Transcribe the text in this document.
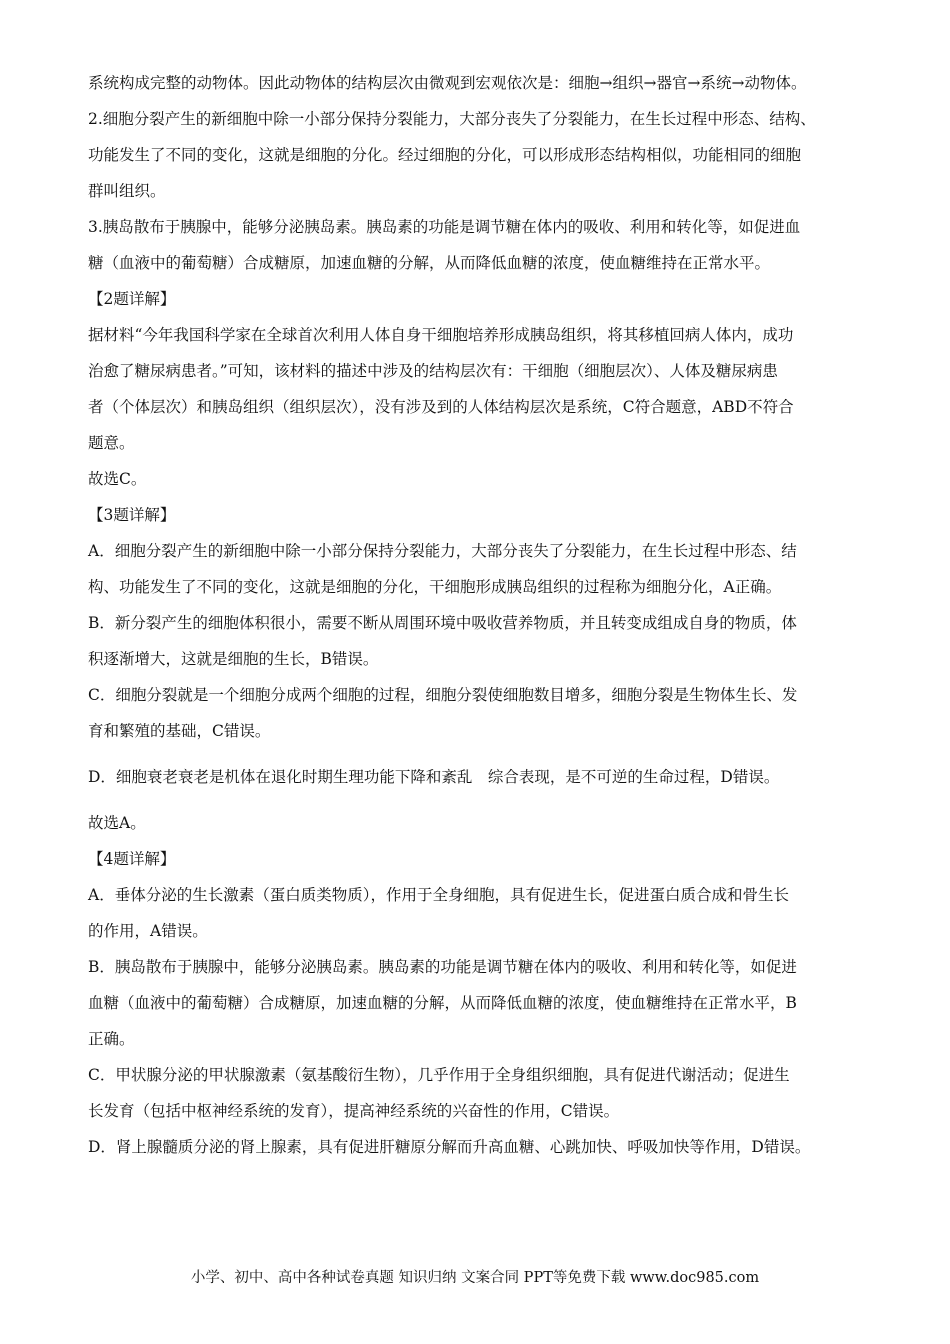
系统构成完整的动物体。因此动物体的结构层次由微观到宏观依次是：细胞→组织→器官→系统→动物体。

2.细胞分裂产生的新细胞中除一小部分保持分裂能力，大部分丧失了分裂能力，在生长过程中形态、结构、

功能发生了不同的变化，这就是细胞的分化。经过细胞的分化，可以形成形态结构相似，功能相同的细胞

群叫组织。

3.胰岛散布于胰腺中，能够分泌胰岛素。胰岛素的功能是调节糖在体内的吸收、利用和转化等，如促进血

糖（血液中的葡萄糖）合成糖原，加速血糖的分解，从而降低血糖的浓度，使血糖维持在正常水平。

【2题详解】

据材料“今年我国科学家在全球首次利用人体自身干细胞培养形成胰岛组织，将其移植回病人体内，成功

治愈了糖尿病患者。”可知，该材料的描述中涉及的结构层次有：干细胞（细胞层次）、人体及糖尿病患

者（个体层次）和胰岛组织（组织层次），没有涉及到的人体结构层次是系统，C符合题意，ABD不符合

题意。

故选C。

【3题详解】

A．细胞分裂产生的新细胞中除一小部分保持分裂能力，大部分丧失了分裂能力，在生长过程中形态、结

构、功能发生了不同的变化，这就是细胞的分化，干细胞形成胰岛组织的过程称为细胞分化，A正确。

B．新分裂产生的细胞体积很小，需要不断从周围环境中吸收营养物质，并且转变成组成自身的物质，体

积逐渐增大，这就是细胞的生长，B错误。

C．细胞分裂就是一个细胞分成两个细胞的过程，细胞分裂使细胞数目增多，细胞分裂是生物体生长、发

育和繁殖的基础，C错误。

D．细胞衰老衰老是机体在退化时期生理功能下降和紊乱　综合表现，是不可逆的生命过程，D错误。

故选A。

【4题详解】

A．垂体分泌的生长激素（蛋白质类物质），作用于全身细胞，具有促进生长，促进蛋白质合成和骨生长

的作用，A错误。

B．胰岛散布于胰腺中，能够分泌胰岛素。胰岛素的功能是调节糖在体内的吸收、利用和转化等，如促进

血糖（血液中的葡萄糖）合成糖原，加速血糖的分解，从而降低血糖的浓度，使血糖维持在正常水平，B

正确。

C．甲状腺分泌的甲状腺激素（氨基酸衍生物），几乎作用于全身组织细胞，具有促进代谢活动；促进生

长发育（包括中枢神经系统的发育），提高神经系统的兴奋性的作用，C错误。

D．肾上腺髓质分泌的肾上腺素，具有促进肝糖原分解而升高血糖、心跳加快、呼吸加快等作用，D错误。

小学、初中、高中各种试卷真题 知识归纳 文案合同 PPT等免费下载 www.doc985.com
